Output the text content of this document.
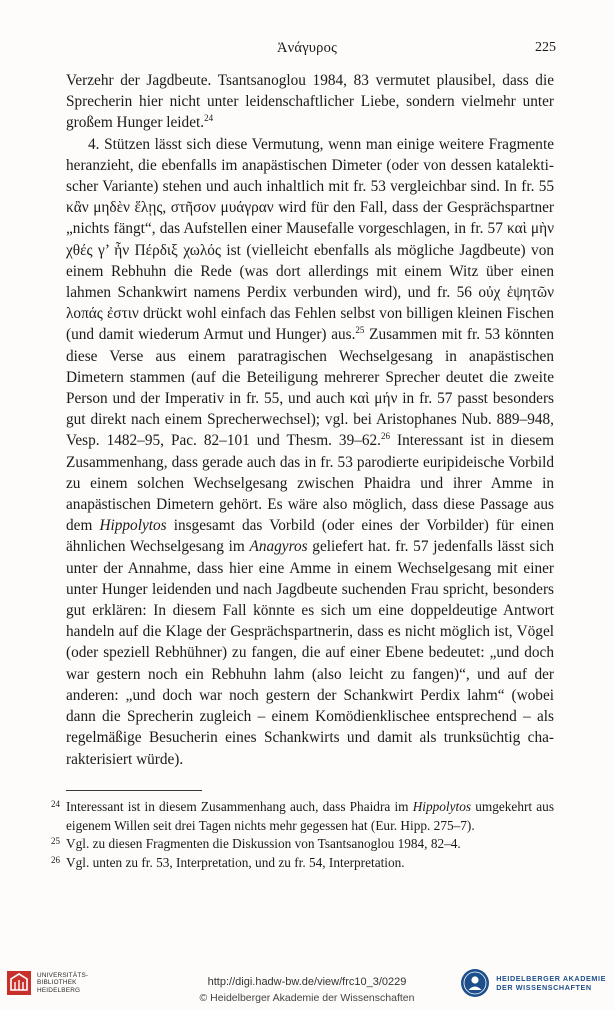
Ἀνάγυρος	225

Verzehr der Jagdbeute. Tsantsanoglou 1984, 83 vermutet plausibel, dass die Sprecherin hier nicht unter leidenschaftlicher Liebe, sondern vielmehr unter großem Hunger leidet.$^{24}$

4. Stützen lässt sich diese Vermutung, wenn man einige weitere Fragmente heranzieht, die ebenfalls im anapästischen Dimeter (oder von dessen katalektischer Variante) stehen und auch inhaltlich mit fr. 53 vergleichbar sind. In fr. 55 κἂν μηδὲν ἕλῃς, στῆσον μυάγραν wird für den Fall, dass der Gesprächspartner „nichts fängt“, das Aufstellen einer Mausefalle vorgeschlagen, in fr. 57 καὶ μὴν χθές γ’ ἦν Πέρδιξ χωλός ist (vielleicht ebenfalls als mögliche Jagdbeute) von einem Rebhuhn die Rede (was dort allerdings mit einem Witz über einen lahmen Schankwirt namens Perdix verbunden wird), und fr. 56 οὐχ ἑψητῶν λοπάς ἐστιν drückt wohl einfach das Fehlen selbst von billigen kleinen Fischen (und damit wiederum Armut und Hunger) aus.$^{25}$ Zusammen mit fr. 53 könnten diese Verse aus einem paratragischen Wechselgesang in anapästischen Dimetern stammen (auf die Beteiligung mehrerer Sprecher deutet die zweite Person und der Imperativ in fr. 55, und auch καὶ μήν in fr. 57 passt besonders gut direkt nach einem Sprecherwechsel); vgl. bei Aristophanes Nub. 889–948, Vesp. 1482–95, Pac. 82–101 und Thesm. 39–62.26 Interessant ist in diesem Zusammenhang, dass gerade auch das in fr. 53 parodierte euripideische Vorbild zu einem solchen Wechselgesang zwischen Phaidra und ihrer Amme in anapästischen Dimetern gehört. Es wäre also möglich, dass diese Passage aus dem Hippolytos insgesamt das Vorbild (oder eines der Vorbilder) für einen ähnlichen Wechselgesang im Anagyros geliefert hat. fr. 57 jedenfalls lässt sich unter der Annahme, dass hier eine Amme in einem Wechselgesang mit einer unter Hunger leidenden und nach Jagdbeute suchenden Frau spricht, besonders gut erklären: In diesem Fall könnte es sich um eine doppeldeutige Antwort handeln auf die Klage der Gesprächspartnerin, dass es nicht möglich ist, Vögel (oder speziell Rebhühner) zu fangen, die auf einer Ebene bedeutet: „und doch war gestern noch ein Rebhuhn lahm (also leicht zu fangen)“, und auf der anderen: „und doch war noch gestern der Schankwirt Perdix lahm“ (wobei dann die Sprecherin zugleich – einem Komödienklischee entsprechend – als regelmäßige Besucherin eines Schankwirts und damit als trunksüchtig charakterisiert würde).

24 Interessant ist in diesem Zusammenhang auch, dass Phaidra im Hippolytos umgekehrt aus eigenem Willen seit drei Tagen nichts mehr gegessen hat (Eur. Hipp. 275–7).
25 Vgl. zu diesen Fragmenten die Diskussion von Tsantsanoglou 1984, 82–4.
26 Vgl. unten zu fr. 53, Interpretation, und zu fr. 54, Interpretation.
UNIVERSITÄTS-
BIBLIOTHEK
HEIDELBERG
http://digi.hadw-bw.de/view/frc10_3/0229
© Heidelberger Akademie der Wissenschaften
HEIDELBERGER AKADEMIE
DER WISSENSCHAFTEN
